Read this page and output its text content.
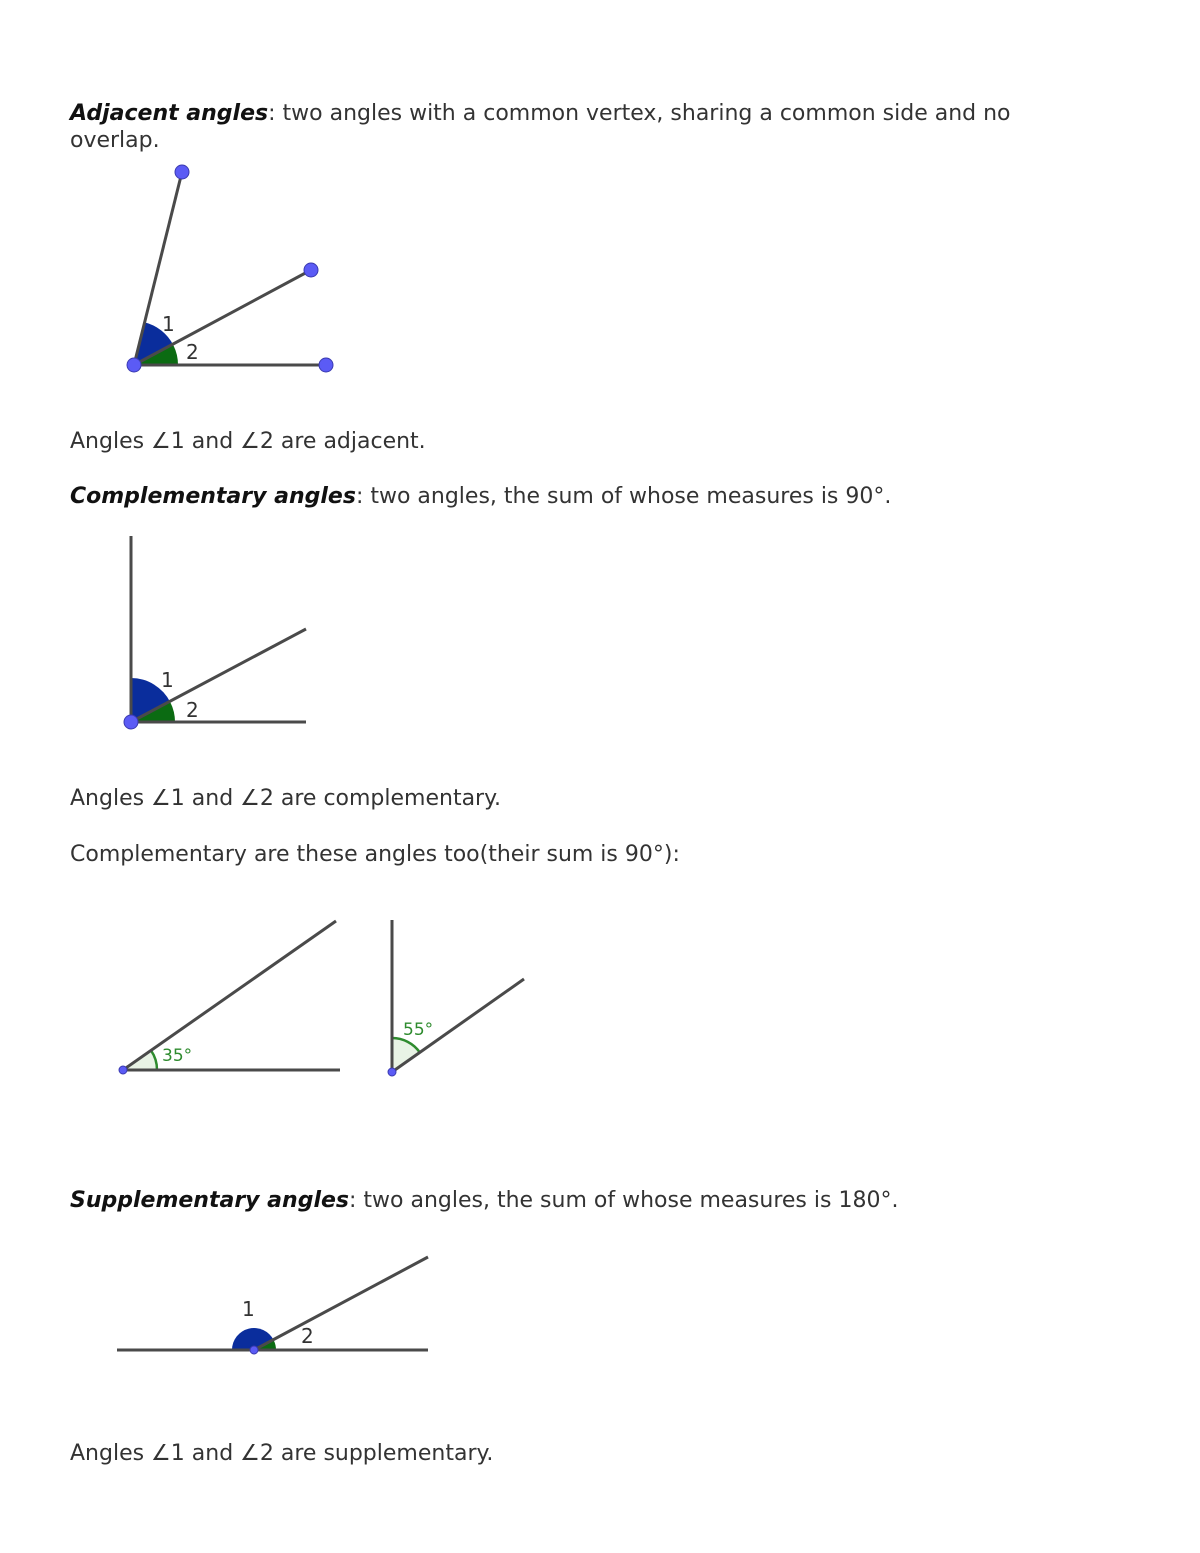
Adjacent angles: two angles with a common vertex, sharing a common side and no overlap.
1
2
Angles ∠1 and ∠2 are adjacent.
Complementary angles: two angles, the sum of whose measures is 90°.
1
2
Angles ∠1 and ∠2 are complementary.
Complementary are these angles too(their sum is 90°):
35°
55°
Supplementary angles: two angles, the sum of whose measures is 180°.
1
2
Angles ∠1 and ∠2 are supplementary.
